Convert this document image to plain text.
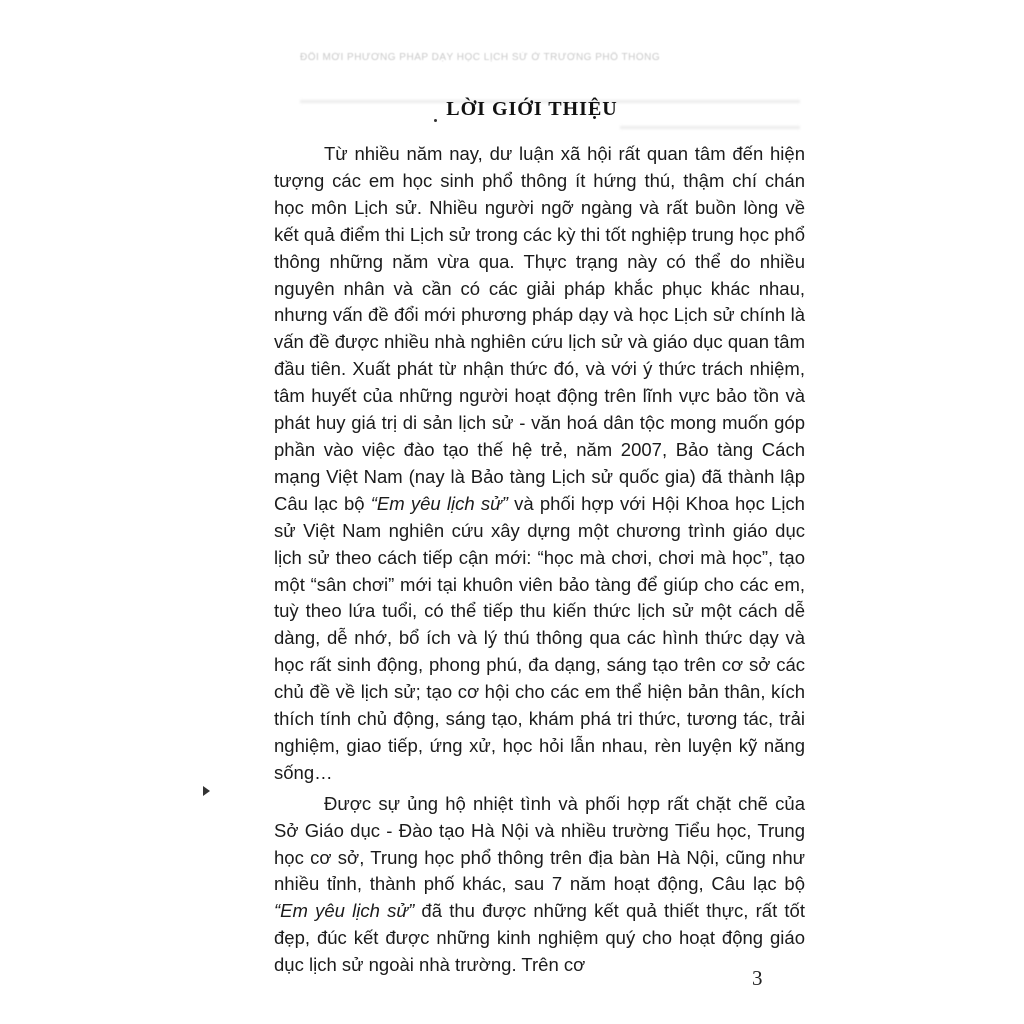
ĐỔI MỚI PHƯƠNG PHÁP DẠY HỌC LỊCH SỬ Ở TRƯỜNG PHỔ THÔNG
LỜI GIỚI THIỆU

Từ nhiều năm nay, dư luận xã hội rất quan tâm đến hiện tượng các em học sinh phổ thông ít hứng thú, thậm chí chán học môn Lịch sử. Nhiều người ngỡ ngàng và rất buồn lòng về kết quả điểm thi Lịch sử trong các kỳ thi tốt nghiệp trung học phổ thông những năm vừa qua. Thực trạng này có thể do nhiều nguyên nhân và cần có các giải pháp khắc phục khác nhau, nhưng vấn đề đổi mới phương pháp dạy và học Lịch sử chính là vấn đề được nhiều nhà nghiên cứu lịch sử và giáo dục quan tâm đầu tiên. Xuất phát từ nhận thức đó, và với ý thức trách nhiệm, tâm huyết của những người hoạt động trên lĩnh vực bảo tồn và phát huy giá trị di sản lịch sử - văn hoá dân tộc mong muốn góp phần vào việc đào tạo thế hệ trẻ, năm 2007, Bảo tàng Cách mạng Việt Nam (nay là Bảo tàng Lịch sử quốc gia) đã thành lập Câu lạc bộ “Em yêu lịch sử” và phối hợp với Hội Khoa học Lịch sử Việt Nam nghiên cứu xây dựng một chương trình giáo dục lịch sử theo cách tiếp cận mới: “học mà chơi, chơi mà học”, tạo một “sân chơi” mới tại khuôn viên bảo tàng để giúp cho các em, tuỳ theo lứa tuổi, có thể tiếp thu kiến thức lịch sử một cách dễ dàng, dễ nhớ, bổ ích và lý thú thông qua các hình thức dạy và học rất sinh động, phong phú, đa dạng, sáng tạo trên cơ sở các chủ đề về lịch sử; tạo cơ hội cho các em thể hiện bản thân, kích thích tính chủ động, sáng tạo, khám phá tri thức, tương tác, trải nghiệm, giao tiếp, ứng xử, học hỏi lẫn nhau, rèn luyện kỹ năng sống…

Được sự ủng hộ nhiệt tình và phối hợp rất chặt chẽ của Sở Giáo dục - Đào tạo Hà Nội và nhiều trường Tiểu học, Trung học cơ sở, Trung học phổ thông trên địa bàn Hà Nội, cũng như nhiều tỉnh, thành phố khác, sau 7 năm hoạt động, Câu lạc bộ “Em yêu lịch sử” đã thu được những kết quả thiết thực, rất tốt đẹp, đúc kết được những kinh nghiệm quý cho hoạt động giáo dục lịch sử ngoài nhà trường. Trên cơ

3
